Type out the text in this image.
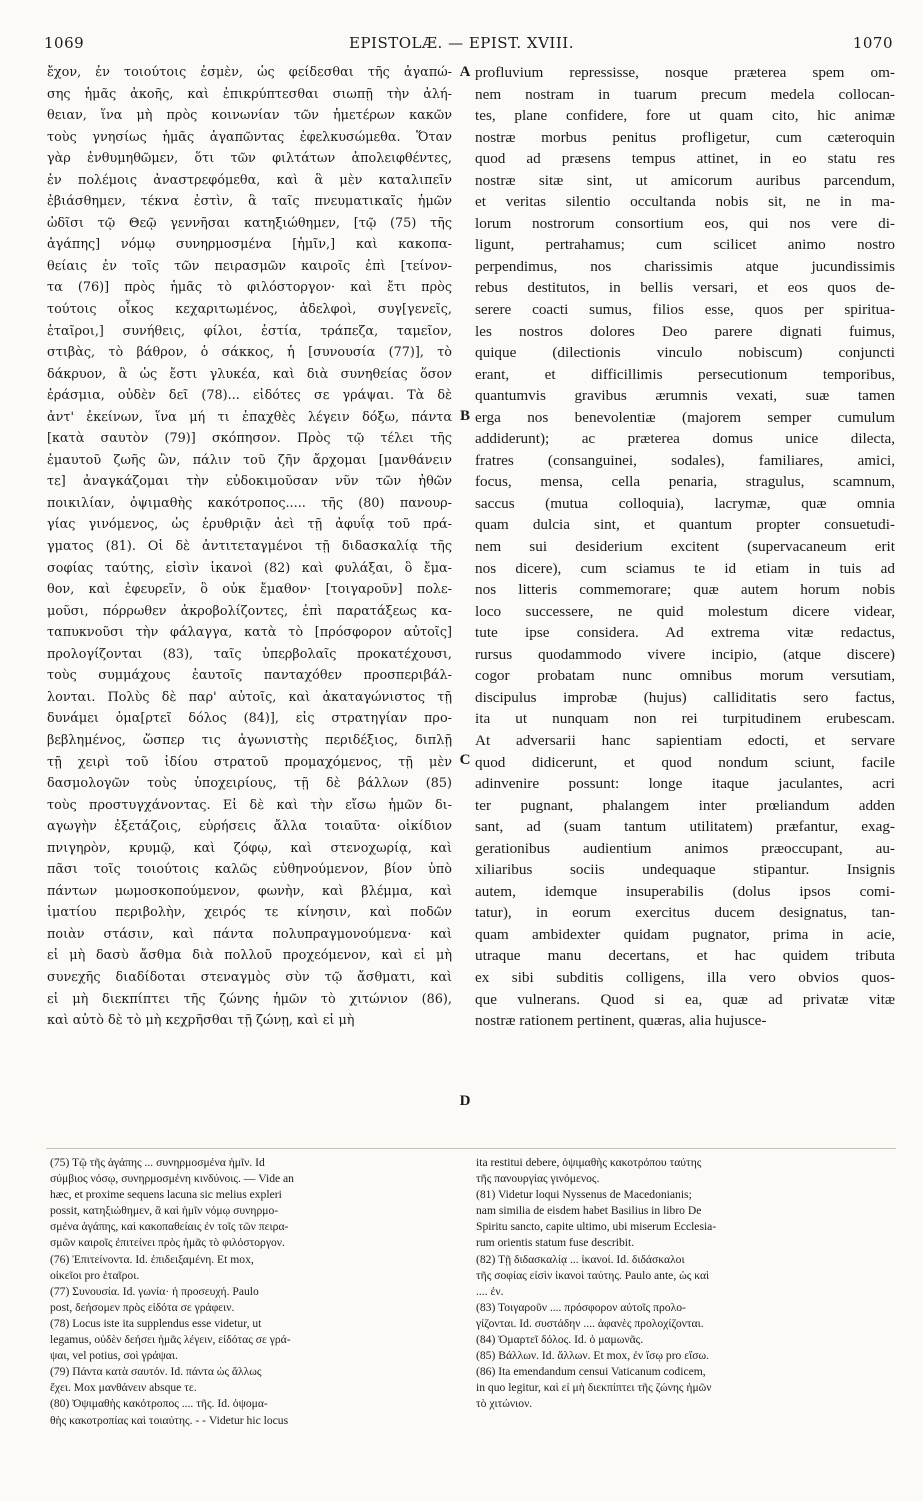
EPISTOLÆ. — EPIST. XVIII.
1069	1070
ἔχον, ἐν τοιούτοις ἐσμὲν, ὡς φείδεσθαι τῆς ἀγαπώ-
σης ἡμᾶς ἀκοῆς, καὶ ἐπικρύπτεσθαι σιωπῇ τὴν ἀλή-
θειαν, ἵνα μὴ πρὸς κοινωνίαν τῶν ἡμετέρων κακῶν
τοὺς γνησίως ἡμᾶς ἀγαπῶντας ἐφελκυσώμεθα. Ὅταν
γὰρ ἐνθυμηθῶμεν, ὅτι τῶν φιλτάτων ἀπολειφθέντες,
ἐν πολέμοις ἀναστρεφόμεθα, καὶ ἃ μὲν καταλιπεῖν
ἐβιάσθημεν, τέκνα ἐστὶν, ἃ ταῖς πνευματικαῖς ἡμῶν
ὠδῖσι τῷ Θεῷ γεννῆσαι κατηξιώθημεν, [τῷ (75) τῆς
ἀγάπης] νόμῳ συνηρμοσμένα [ἡμῖν,] καὶ κακοπα-
θείαις ἐν τοῖς τῶν πειρασμῶν καιροῖς ἐπὶ [τείνον-
τα (76)] πρὸς ἡμᾶς τὸ φιλόστοργον· καὶ ἔτι πρὸς
τούτοις οἶκος κεχαριτωμένος, ἀδελφοὶ, συγ[γενεῖς,
ἑταῖροι,] συνήθεις, φίλοι, ἑστία, τράπεζα, ταμεῖον,
στιβὰς, τὸ βάθρον, ὁ σάκκος, ἡ [συνουσία (77)], τὸ
δάκρυον, ἃ ὡς ἔστι γλυκέα, καὶ διὰ συνηθείας ὅσον
ἐράσμια, οὐδὲν δεῖ (78)... εἰδότες σε γράψαι. Τὰ δὲ
ἀντ' ἐκείνων, ἵνα μή τι ἐπαχθὲς λέγειν δόξω, πάντα
[κατὰ σαυτὸν (79)] σκόπησον. Πρὸς τῷ τέλει τῆς
ἐμαυτοῦ ζωῆς ὢν, πάλιν τοῦ ζῆν ἄρχομαι [μανθάνειν
τε] ἀναγκάζομαι τὴν εὐδοκιμοῦσαν νῦν τῶν ἠθῶν
ποικιλίαν, ὀψιμαθὴς κακότροπος..... τῆς (80) πανουρ-
γίας γινόμενος, ὡς ἐρυθριᾷν ἀεὶ τῇ ἀφυΐᾳ τοῦ πρά-
γματος (81). Οἱ δὲ ἀντιτεταγμένοι τῇ διδασκαλίᾳ τῆς
σοφίας ταύτης, εἰσὶν ἱκανοὶ (82) καὶ φυλάξαι, ὃ ἔμα-
θον, καὶ ἐφευρεῖν, ὃ οὐκ ἔμαθον· [τοιγαροῦν] πολε-
μοῦσι, πόρρωθεν ἀκροβολίζοντες, ἐπὶ παρατάξεως κα-
ταπυκνοῦσι τὴν φάλαγγα, κατὰ τὸ [πρόσφορον αὐτοῖς]
προλογίζονται (83), ταῖς ὑπερβολαῖς προκατέχουσι,
τοὺς συμμάχους ἑαυτοῖς πανταχόθεν προσπεριβάλ-
λονται. Πολὺς δὲ παρ' αὐτοῖς, καὶ ἀκαταγώνιστος τῇ
δυνάμει ὁμα[ρτεῖ δόλος (84)], εἰς στρατηγίαν προ-
βεβλημένος, ὥσπερ τις ἀγωνιστὴς περιδέξιος, διπλῇ
τῇ χειρὶ τοῦ ἰδίου στρατοῦ προμαχόμενος, τῇ μὲν
δασμολογῶν τοὺς ὑποχειρίους, τῇ δὲ βάλλων (85)
τοὺς προστυγχάνοντας. Εἰ δὲ καὶ τὴν εἴσω ἡμῶν δι-
αγωγὴν ἐξετάζοις, εὑρήσεις ἄλλα τοιαῦτα· οἰκίδιον
πνιγηρὸν, κρυμῷ, καὶ ζόφῳ, καὶ στενοχωρίᾳ, καὶ
πᾶσι τοῖς τοιούτοις καλῶς εὐθηνούμενον, βίον ὑπὸ
πάντων μωμοσκοπούμενον, φωνὴν, καὶ βλέμμα, καὶ
ἱματίου περιβολὴν, χειρός τε κίνησιν, καὶ ποδῶν
ποιὰν στάσιν, καὶ πάντα πολυπραγμονούμενα· καὶ
εἰ μὴ δασὺ ἄσθμα διὰ πολλοῦ προχεόμενον, καὶ εἰ μὴ
συνεχῆς διαδίδοται στεναγμὸς σὺν τῷ ἄσθματι, καὶ
εἰ μὴ διεκπίπτει τῆς ζώνης ἡμῶν τὸ χιτώνιον (86),
καὶ αὐτὸ δὲ τὸ μὴ κεχρῆσθαι τῇ ζώνῃ, καὶ εἰ μὴ
profluvium repressisse, nosque præterea spem om-
nem nostram in tuarum precum medela collocan-
tes, plane confidere, fore ut quam cito, hic animæ
nostræ morbus penitus profligetur, cum cæteroquin
quod ad præsens tempus attinet, in eo statu res
nostræ sitæ sint, ut amicorum auribus parcendum,
et veritas silentio occultanda nobis sit, ne in ma-
lorum nostrorum consortium eos, qui nos vere di-
ligunt, pertrahamus; cum scilicet animo nostro
perpendimus, nos charissimis atque jucundissimis
rebus destitutos, in bellis versari, et eos quos de-
serere coacti sumus, filios esse, quos per spiritua-
les nostros dolores Deo parere dignati fuimus,
quique (dilectionis vinculo nobiscum) conjuncti
erant, et difficillimis persecutionum temporibus,
quantumvis gravibus ærumnis vexati, suæ tamen
erga nos benevolentiæ (majorem semper cumulum
addiderunt); ac præterea domus unice dilecta,
fratres (consanguinei, sodales), familiares, amici,
focus, mensa, cella penaria, stragulus, scamnum,
saccus (mutua colloquia), lacrymæ, quæ omnia
quam dulcia sint, et quantum propter consuetudi-
nem sui desiderium excitent (supervacaneum erit
nos dicere), cum sciamus te id etiam in tuis ad
nos litteris commemorare; quæ autem horum nobis
loco successere, ne quid molestum dicere videar,
tute ipse considera. Ad extrema vitæ redactus,
rursus quodammodo vivere incipio, (atque discere)
cogor probatam nunc omnibus morum versutiam,
discipulus improbæ (hujus) calliditatis sero factus,
ita ut nunquam non rei turpitudinem erubescam.
At adversarii hanc sapientiam edocti, et servare
quod didicerunt, et quod nondum sciunt, facile
adinvenire possunt: longe itaque jaculantes, acri
ter pugnant, phalangem inter prœliandum adden
sant, ad (suam tantum utilitatem) præfantur, exag-
gerationibus audientium animos præoccupant, au-
xiliaribus sociis undequaque stipantur. Insignis
autem, idemque insuperabilis (dolus ipsos comi-
tatur), in eorum exercitus ducem designatus, tan-
quam ambidexter quidam pugnator, prima in acie,
utraque manu decertans, et hac quidem tributa
ex sibi subditis colligens, illa vero obvios quos-
que vulnerans. Quod si ea, quæ ad privatæ vitæ
nostræ rationem pertinent, quæras, alia hujusce-
A
B
C
D
(75) Τῷ τῆς ἀγάπης ... συνηρμοσμένα ἡμῖν. Id
σύμβιος νόσῳ, συνηρμοσμένη κινδύνοις. — Vide an
hæc, et proxime sequens lacuna sic melius expleri
possit, κατηξιώθημεν, ἃ καὶ ἡμῖν νόμῳ συνηρμο-
σμένα ἀγάπης, καὶ κακοπαθείαις ἐν τοῖς τῶν πειρα-
σμῶν καιροῖς ἐπιτείνει πρὸς ἡμᾶς τὸ φιλόστοργον.
(76) Ἐπιτείνοντα. Id. ἐπιδειξαμένη. Et mox,
οἰκεῖοι pro ἑταῖροι.
(77) Συνουσία. Id. γωνία· ἡ προσευχή. Paulo
post, δεήσομεν πρὸς εἰδότα σε γράφειν.
(78) Locus iste ita supplendus esse videtur, ut
legamus, οὐδὲν δεήσει ἡμᾶς λέγειν, εἰδότας σε γρά-
ψαι, vel potius, σοὶ γράψαι.
(79) Πάντα κατὰ σαυτόν. Id. πάντα ὡς ἄλλως
ἔχει. Mox μανθάνειν absque τε.
(80) Ὀψιμαθὴς κακότροπος .... τῆς. Id. ὀψομα-
θὴς κακοτροπίας καὶ τοιαύτης. - - Videtur hic locus
ita restitui debere, ὀψιμαθὴς κακοτρόπου ταύτης
τῆς πανουργίας γινόμενος.
(81) Videtur loqui Nyssenus de Macedonianis;
nam similia de eisdem habet Basilius in libro De
Spiritu sancto, capite ultimo, ubi miserum Ecclesia-
rum orientis statum fuse describit.
(82) Τῇ διδασκαλίᾳ ... ἱκανοί. Id. διδάσκαλοι
τῆς σοφίας εἰσὶν ἱκανοὶ ταύτης. Paulo ante, ὡς καὶ
.... ἐν.
(83) Τοιγαροῦν .... πρόσφορον αὐτοῖς προλο-
γίζονται. Id. συστάδην .... ἀφανὲς προλοχίζονται.
(84) Ὁμαρτεῖ δόλος. Id. ὁ μαμωνᾶς.
(85) Βάλλων. Id. ἄλλων. Et mox, ἐν ἴσῳ pro εἴσω.
(86) Ita emendandum censui Vaticanum codicem,
in quo legitur, καὶ εἰ μὴ διεκπίπτει τῆς ζώνης ἡμῶν
τὸ χιτώνιον.
